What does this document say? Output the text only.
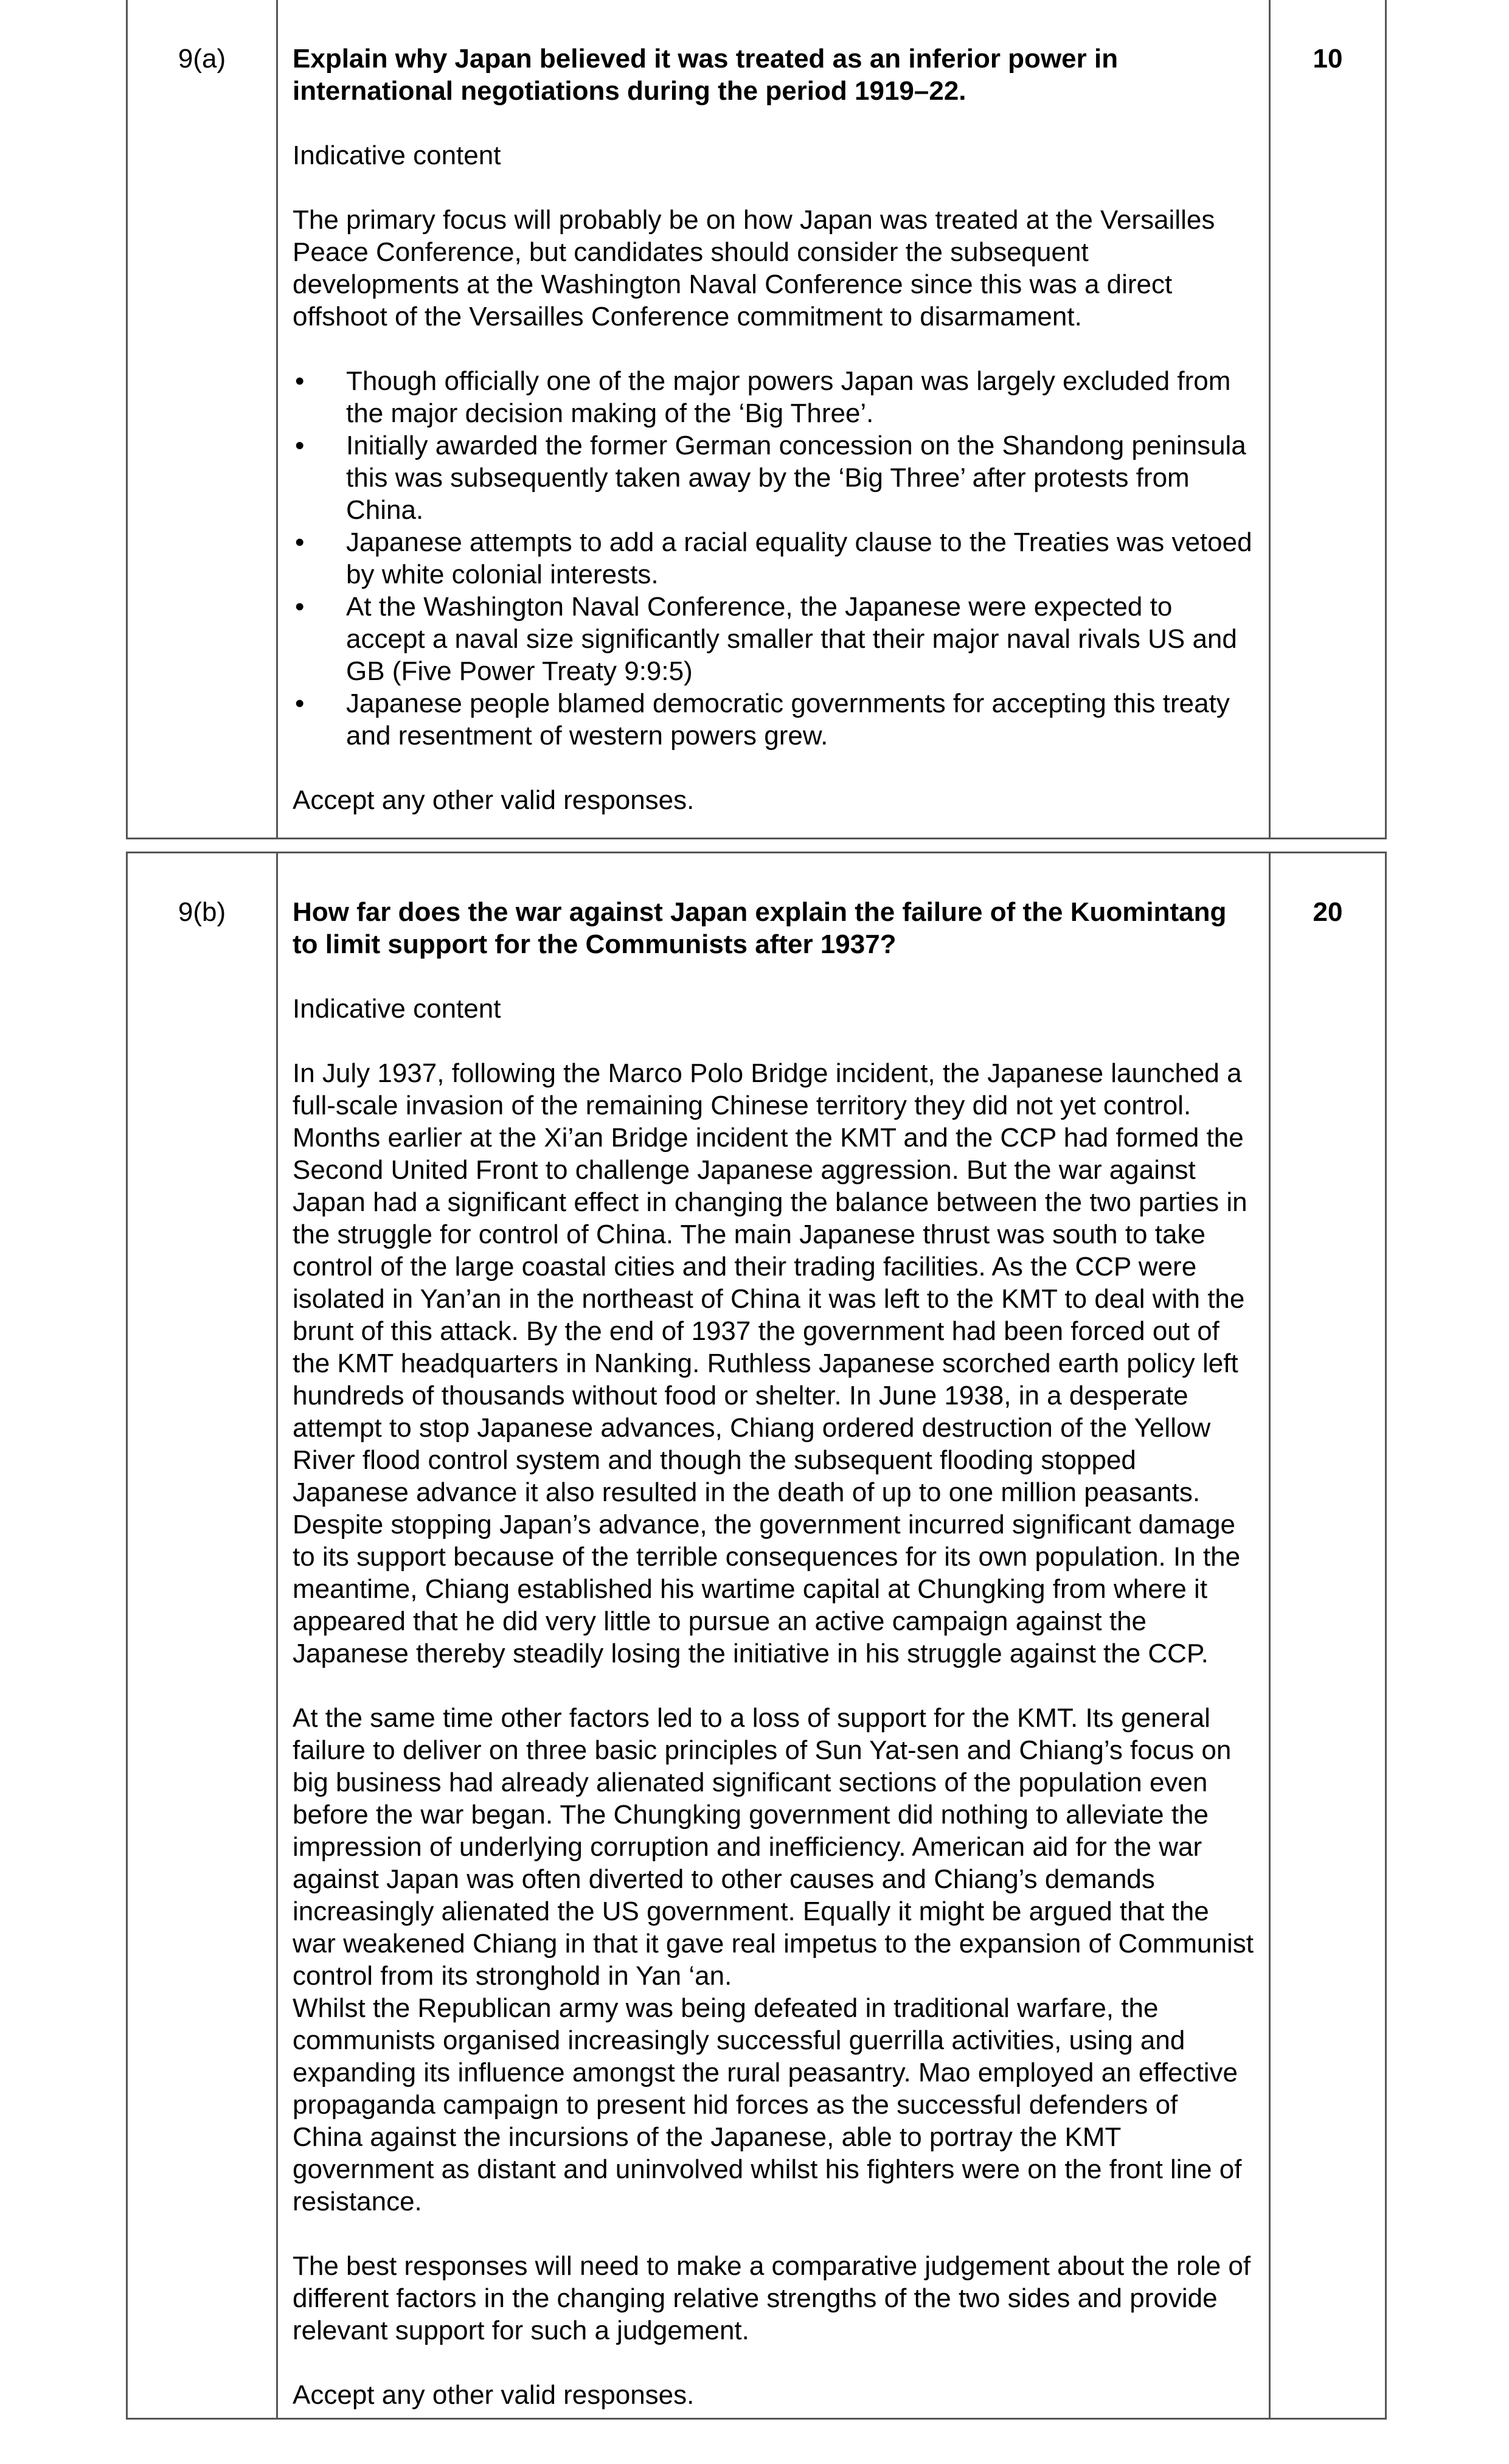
9(a)	Explain why Japan believed it was treated as an inferior power in international negotiations during the period 1919–22.
Indicative content
The primary focus will probably be on how Japan was treated at the Versailles Peace Conference, but candidates should consider the subsequent developments at the Washington Naval Conference since this was a direct offshoot of the Versailles Conference commitment to disarmament.
• Though officially one of the major powers Japan was largely excluded from the major decision making of the ‘Big Three’.
• Initially awarded the former German concession on the Shandong peninsula this was subsequently taken away by the ‘Big Three’ after protests from China.
• Japanese attempts to add a racial equality clause to the Treaties was vetoed by white colonial interests.
• At the Washington Naval Conference, the Japanese were expected to accept a naval size significantly smaller that their major naval rivals US and GB (Five Power Treaty 9:9:5)
• Japanese people blamed democratic governments for accepting this treaty and resentment of western powers grew.
Accept any other valid responses.
	10
9(b)	How far does the war against Japan explain the failure of the Kuomintang to limit support for the Communists after 1937?
Indicative content
In July 1937, following the Marco Polo Bridge incident, the Japanese launched a full-scale invasion of the remaining Chinese territory they did not yet control. Months earlier at the Xi’an Bridge incident the KMT and the CCP had formed the Second United Front to challenge Japanese aggression. But the war against Japan had a significant effect in changing the balance between the two parties in the struggle for control of China. The main Japanese thrust was south to take control of the large coastal cities and their trading facilities. As the CCP were isolated in Yan’an in the northeast of China it was left to the KMT to deal with the brunt of this attack. By the end of 1937 the government had been forced out of the KMT headquarters in Nanking. Ruthless Japanese scorched earth policy left hundreds of thousands without food or shelter. In June 1938, in a desperate attempt to stop Japanese advances, Chiang ordered destruction of the Yellow River flood control system and though the subsequent flooding stopped Japanese advance it also resulted in the death of up to one million peasants. Despite stopping Japan’s advance, the government incurred significant damage to its support because of the terrible consequences for its own population. In the meantime, Chiang established his wartime capital at Chungking from where it appeared that he did very little to pursue an active campaign against the Japanese thereby steadily losing the initiative in his struggle against the CCP.
At the same time other factors led to a loss of support for the KMT. Its general failure to deliver on three basic principles of Sun Yat-sen and Chiang’s focus on big business had already alienated significant sections of the population even before the war began. The Chungking government did nothing to alleviate the impression of underlying corruption and inefficiency. American aid for the war against Japan was often diverted to other causes and Chiang’s demands increasingly alienated the US government. Equally it might be argued that the war weakened Chiang in that it gave real impetus to the expansion of Communist control from its stronghold in Yan ‘an.
Whilst the Republican army was being defeated in traditional warfare, the communists organised increasingly successful guerrilla activities, using and expanding its influence amongst the rural peasantry. Mao employed an effective propaganda campaign to present hid forces as the successful defenders of China against the incursions of the Japanese, able to portray the KMT government as distant and uninvolved whilst his fighters were on the front line of resistance.
The best responses will need to make a comparative judgement about the role of different factors in the changing relative strengths of the two sides and provide relevant support for such a judgement.
Accept any other valid responses.
	20
